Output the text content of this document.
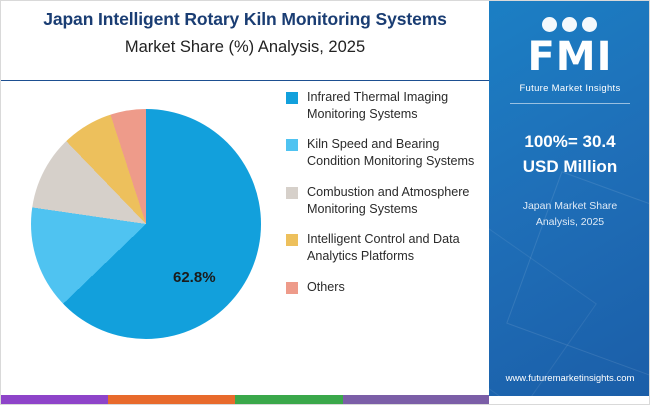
Japan Intelligent Rotary Kiln Monitoring Systems
Market Share (%) Analysis, 2025
62.8%
Infrared Thermal Imaging Monitoring Systems
Kiln Speed and Bearing Condition Monitoring Systems
Combustion and Atmosphere Monitoring Systems
Intelligent Control and Data Analytics Platforms
Others
FMI
Future Market Insights
100%= 30.4
USD Million
Japan Market Share
Analysis, 2025
www.futuremarketinsights.com
